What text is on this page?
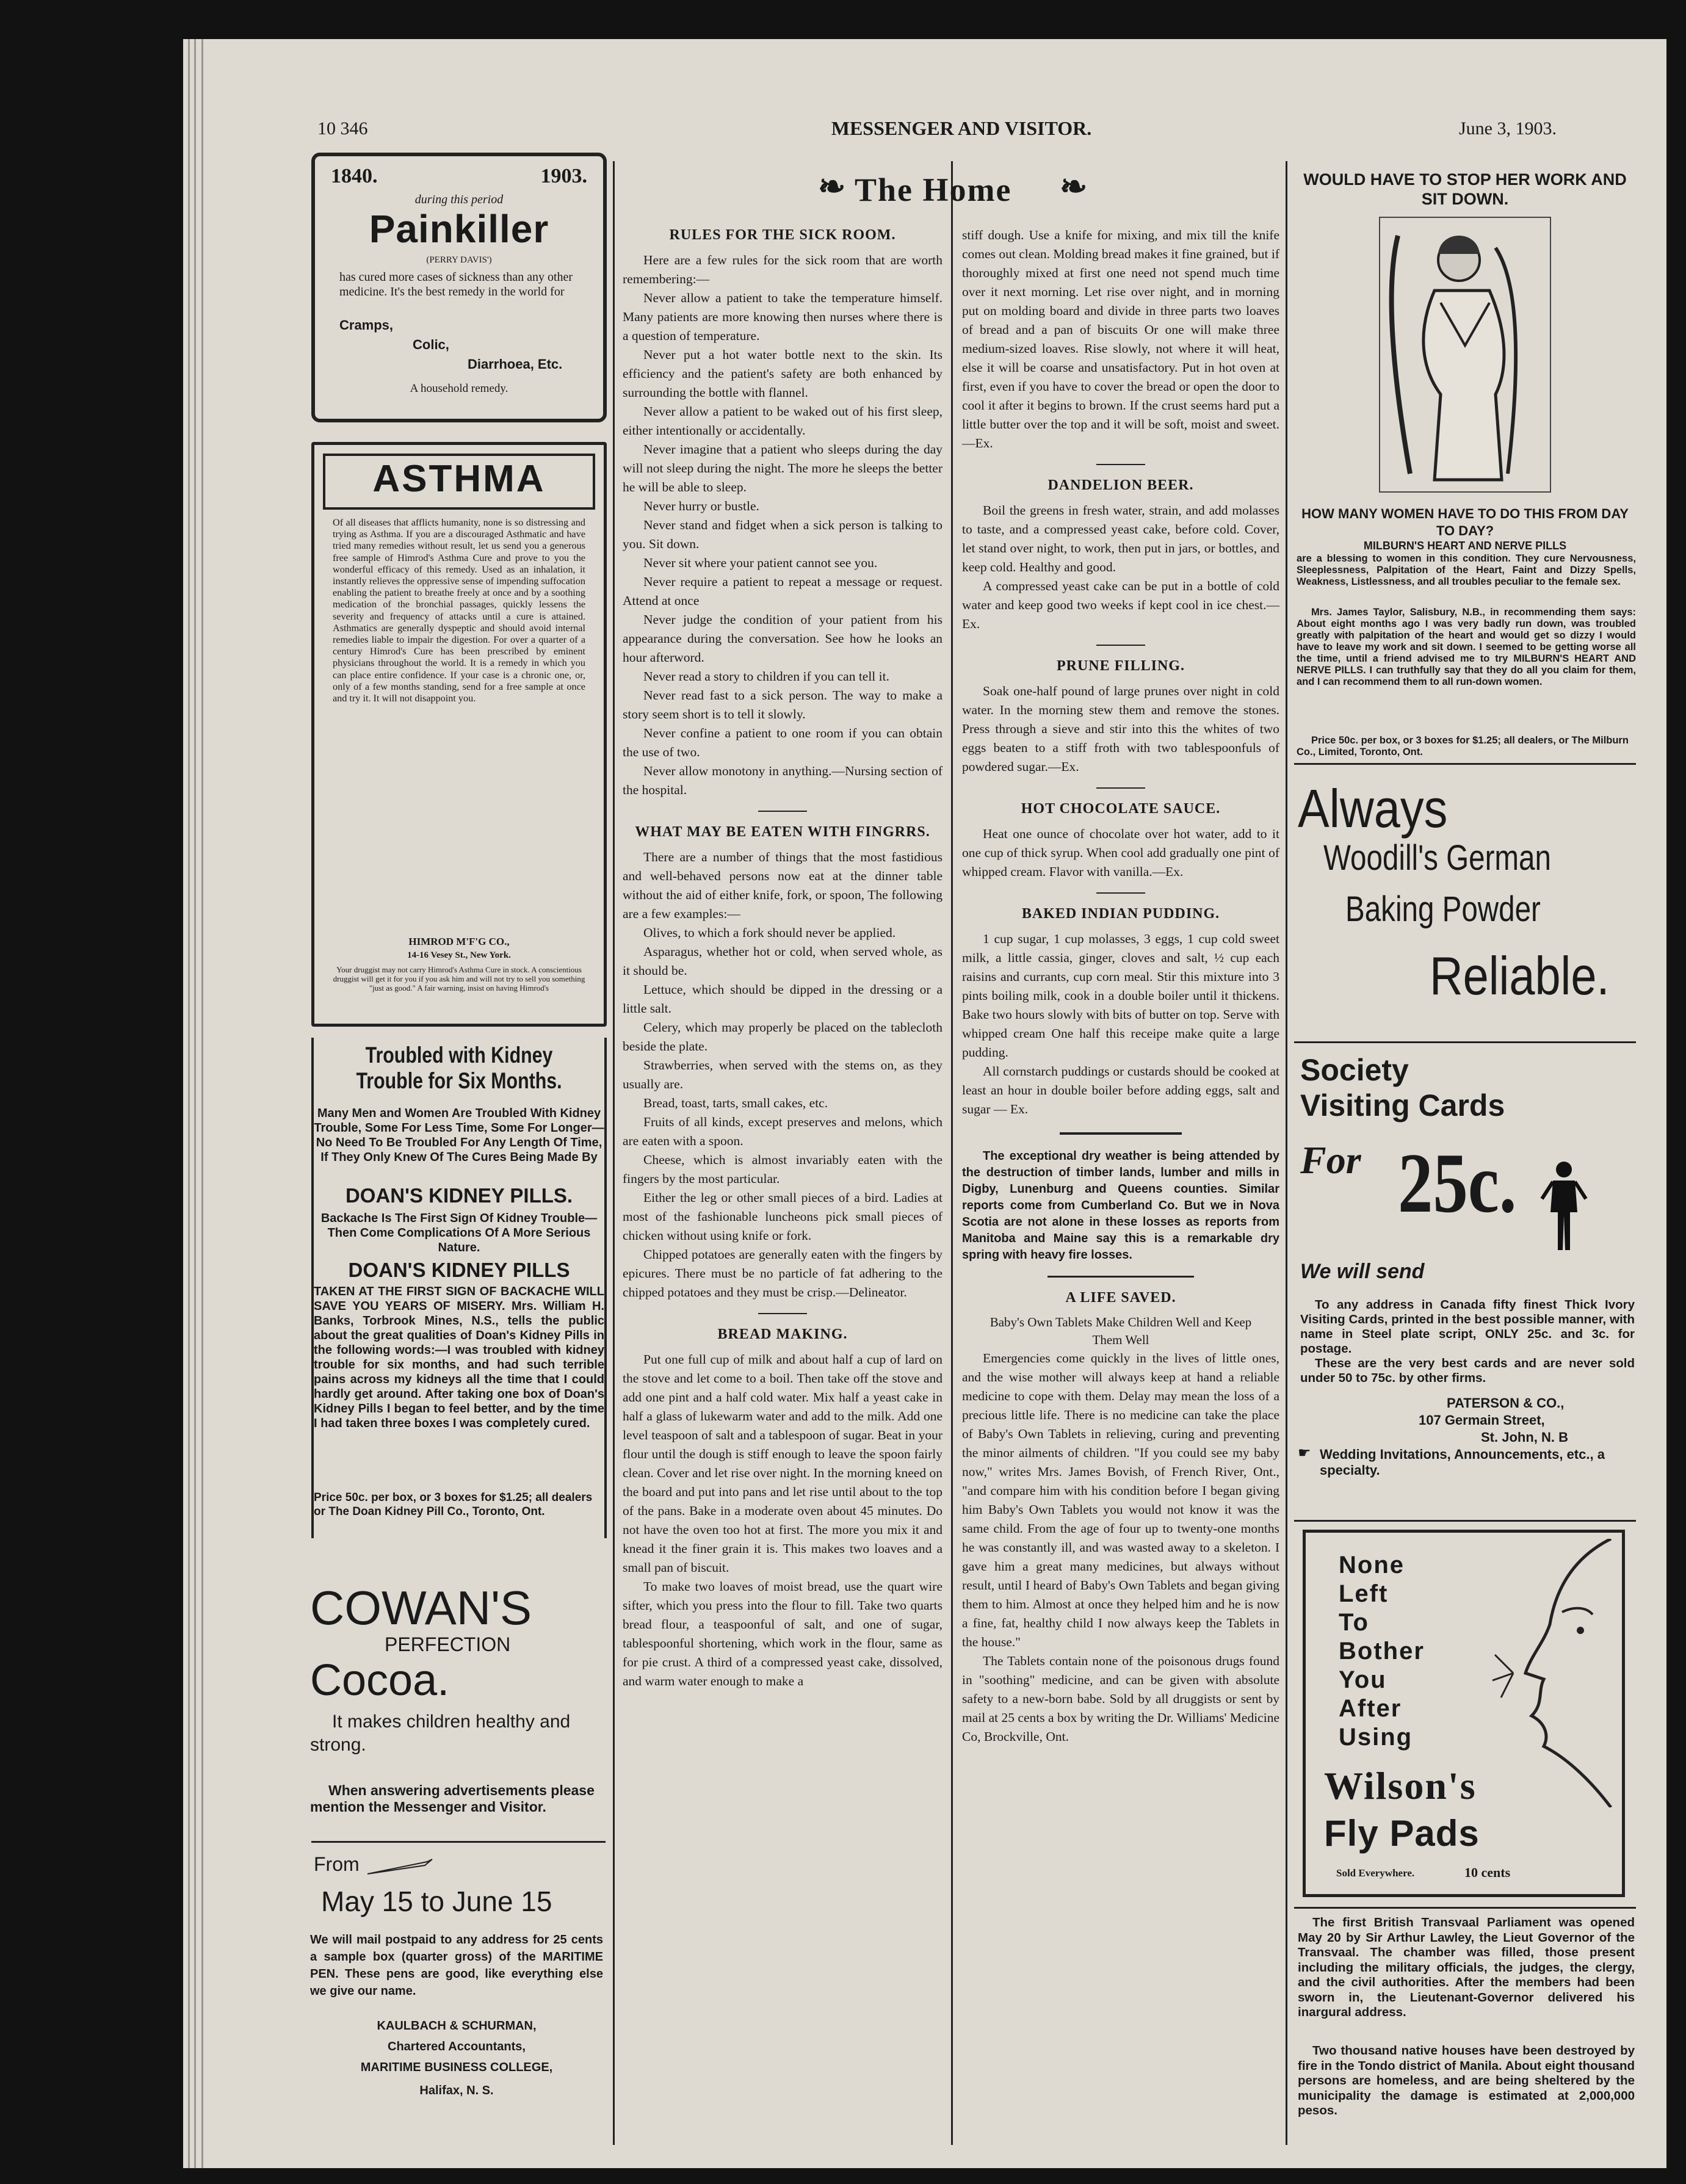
10 346	MESSENGER AND VISITOR.	June 3, 1903.
1840.	1903.
during this period
Painkiller
(PERRY DAVIS')
has cured more cases of sickness than any other medicine. It's the best remedy in the world for
Cramps,
Colic,
Diarrhoea, Etc.
A household remedy.
ASTHMA
Of all diseases that afflicts humanity, none is so distressing and trying as Asthma. If you are a discouraged Asthmatic and have tried many remedies without result, let us send you a generous free sample of Himrod's Asthma Cure and prove to you the wonderful efficacy of this remedy. Used as an inhalation, it instantly relieves the oppressive sense of impending suffocation enabling the patient to breathe freely at once and by a soothing medication of the bronchial passages, quickly lessens the severity and frequency of attacks until a cure is attained. Asthmatics are generally dyspeptic and should avoid internal remedies liable to impair the digestion. For over a quarter of a century Himrod's Cure has been prescribed by eminent physicians throughout the world. It is a remedy in which you can place entire confidence. If your case is a chronic one, or, only of a few months standing, send for a free sample at once and try it. It will not disappoint you.
HIMROD M'F'G CO.,
14-16 Vesey St., New York.
Your druggist may not carry Himrod's Asthma Cure in stock. A conscientious druggist will get it for you if you ask him and will not try to sell you something "just as good." A fair warning, insist on having Himrod's
Troubled with Kidney Trouble for Six Months.
Many Men and Women Are Troubled With Kidney Trouble, Some For Less Time, Some For Longer—No Need To Be Troubled For Any Length Of Time, If They Only Knew Of The Cures Being Made By
DOAN'S KIDNEY PILLS.
Backache Is The First Sign Of Kidney Trouble—Then Come Complications Of A More Serious Nature.
DOAN'S KIDNEY PILLS
TAKEN AT THE FIRST SIGN OF BACKACHE WILL SAVE YOU YEARS OF MISERY. Mrs. William H. Banks, Torbrook Mines, N.S., tells the public about the great qualities of Doan's Kidney Pills in the following words:—I was troubled with kidney trouble for six months, and had such terrible pains across my kidneys all the time that I could hardly get around. After taking one box of Doan's Kidney Pills I began to feel better, and by the time I had taken three boxes I was completely cured.
Price 50c. per box, or 3 boxes for $1.25; all dealers or The Doan Kidney Pill Co., Toronto, Ont.
COWAN'S
PERFECTION
Cocoa.
It makes children healthy and strong.
When answering advertisements please mention the Messenger and Visitor.
From
May 15 to June 15
We will mail postpaid to any address for 25 cents a sample box (quarter gross) of the MARITIME PEN. These pens are good, like everything else we give our name.
KAULBACH & SCHURMAN,
Chartered Accountants,
MARITIME BUSINESS COLLEGE,
Halifax, N. S.
❧ The Home	❧
RULES FOR THE SICK ROOM.

Here are a few rules for the sick room that are worth remembering:—

Never allow a patient to take the temperature himself. Many patients are more knowing then nurses where there is a question of temperature.

Never put a hot water bottle next to the skin. Its efficiency and the patient's safety are both enhanced by surrounding the bottle with flannel.

Never allow a patient to be waked out of his first sleep, either intentionally or accidentally.

Never imagine that a patient who sleeps during the day will not sleep during the night. The more he sleeps the better he will be able to sleep.

Never hurry or bustle.

Never stand and fidget when a sick person is talking to you. Sit down.

Never sit where your patient cannot see you.

Never require a patient to repeat a message or request. Attend at once

Never judge the condition of your patient from his appearance during the conversation. See how he looks an hour afterword.

Never read a story to children if you can tell it.

Never read fast to a sick person. The way to make a story seem short is to tell it slowly.

Never confine a patient to one room if you can obtain the use of two.

Never allow monotony in anything.—Nursing section of the hospital.

WHAT MAY BE EATEN WITH FINGRRS.

There are a number of things that the most fastidious and well-behaved persons now eat at the dinner table without the aid of either knife, fork, or spoon, The following are a few examples:—

Olives, to which a fork should never be applied.

Asparagus, whether hot or cold, when served whole, as it should be.

Lettuce, which should be dipped in the dressing or a little salt.

Celery, which may properly be placed on the tablecloth beside the plate.

Strawberries, when served with the stems on, as they usually are.

Bread, toast, tarts, small cakes, etc.

Fruits of all kinds, except preserves and melons, which are eaten with a spoon.

Cheese, which is almost invariably eaten with the fingers by the most particular.

Either the leg or other small pieces of a bird. Ladies at most of the fashionable luncheons pick small pieces of chicken without using knife or fork.

Chipped potatoes are generally eaten with the fingers by epicures. There must be no particle of fat adhering to the chipped potatoes and they must be crisp.—Delineator.

BREAD MAKING.

Put one full cup of milk and about half a cup of lard on the stove and let come to a boil. Then take off the stove and add one pint and a half cold water. Mix half a yeast cake in half a glass of lukewarm water and add to the milk. Add one level teaspoon of salt and a tablespoon of sugar. Beat in your flour until the dough is stiff enough to leave the spoon fairly clean. Cover and let rise over night. In the morning kneed on the board and put into pans and let rise until about to the top of the pans. Bake in a moderate oven about 45 minutes. Do not have the oven too hot at first. The more you mix it and knead it the finer grain it is. This makes two loaves and a small pan of biscuit.

To make two loaves of moist bread, use the quart wire sifter, which you press into the flour to fill. Take two quarts bread flour, a teaspoonful of salt, and one of sugar, tablespoonful shortening, which work in the flour, same as for pie crust. A third of a compressed yeast cake, dissolved, and warm water enough to make a

stiff dough. Use a knife for mixing, and mix till the knife comes out clean. Molding bread makes it fine grained, but if thoroughly mixed at first one need not spend much time over it next morning. Let rise over night, and in morning put on molding board and divide in three parts two loaves of bread and a pan of biscuits Or one will make three medium-sized loaves. Rise slowly, not where it will heat, else it will be coarse and unsatisfactory. Put in hot oven at first, even if you have to cover the bread or open the door to cool it after it begins to brown. If the crust seems hard put a little butter over the top and it will be soft, moist and sweet.—Ex.

DANDELION BEER.

Boil the greens in fresh water, strain, and add molasses to taste, and a compressed yeast cake, before cold. Cover, let stand over night, to work, then put in jars, or bottles, and keep cold. Healthy and good.

A compressed yeast cake can be put in a bottle of cold water and keep good two weeks if kept cool in ice chest.—Ex.

PRUNE FILLING.

Soak one-half pound of large prunes over night in cold water. In the morning stew them and remove the stones. Press through a sieve and stir into this the whites of two eggs beaten to a stiff froth with two tablespoonfuls of powdered sugar.—Ex.

HOT CHOCOLATE SAUCE.

Heat one ounce of chocolate over hot water, add to it one cup of thick syrup. When cool add gradually one pint of whipped cream. Flavor with vanilla.—Ex.

BAKED INDIAN PUDDING.

1 cup sugar, 1 cup molasses, 3 eggs, 1 cup cold sweet milk, a little cassia, ginger, cloves and salt, ½ cup each raisins and currants, cup corn meal. Stir this mixture into 3 pints boiling milk, cook in a double boiler until it thickens. Bake two hours slowly with bits of butter on top. Serve with whipped cream One half this receipe make quite a large pudding.

All cornstarch puddings or custards should be cooked at least an hour in double boiler before adding eggs, salt and sugar — Ex.

The exceptional dry weather is being attended by the destruction of timber lands, lumber and mills in Digby, Lunenburg and Queens counties. Similar reports come from Cumberland Co. But we in Nova Scotia are not alone in these losses as reports from Manitoba and Maine say this is a remarkable dry spring with heavy fire losses.

A LIFE SAVED.
Baby's Own Tablets Make Children Well and Keep Them Well

Emergencies come quickly in the lives of little ones, and the wise mother will always keep at hand a reliable medicine to cope with them. Delay may mean the loss of a precious little life. There is no medicine can take the place of Baby's Own Tablets in relieving, curing and preventing the minor ailments of children. "If you could see my baby now," writes Mrs. James Bovish, of French River, Ont., "and compare him with his condition before I began giving him Baby's Own Tablets you would not know it was the same child. From the age of four up to twenty-one months he was constantly ill, and was wasted away to a skeleton. I gave him a great many medicines, but always without result, until I heard of Baby's Own Tablets and began giving them to him. Almost at once they helped him and he is now a fine, fat, healthy child I now always keep the Tablets in the house."

The Tablets contain none of the poisonous drugs found in "soothing" medicine, and can be given with absolute safety to a new-born babe. Sold by all druggists or sent by mail at 25 cents a box by writing the Dr. Williams' Medicine Co, Brockville, Ont.

WOULD HAVE TO STOP HER WORK AND SIT DOWN.
HOW MANY WOMEN HAVE TO DO THIS FROM DAY TO DAY?
MILBURN'S HEART AND NERVE PILLS
are a blessing to women in this condition. They cure Nervousness, Sleeplessness, Palpitation of the Heart, Faint and Dizzy Spells, Weakness, Listlessness, and all troubles peculiar to the female sex.
Mrs. James Taylor, Salisbury, N.B., in recommending them says: About eight months ago I was very badly run down, was troubled greatly with palpitation of the heart and would get so dizzy I would have to leave my work and sit down. I seemed to be getting worse all the time, until a friend advised me to try MILBURN'S HEART AND NERVE PILLS. I can truthfully say that they do all you claim for them, and I can recommend them to all run-down women.
Price 50c. per box, or 3 boxes for $1.25; all dealers, or The Milburn Co., Limited, Toronto, Ont.
Always
Woodill's German
Baking Powder
Reliable.
Society
Visiting Cards
For 25c.
We will send
To any address in Canada fifty finest Thick Ivory Visiting Cards, printed in the best possible manner, with name in Steel plate script, ONLY 25c. and 3c. for postage.
These are the very best cards and are never sold under 50 to 75c. by other firms.
PATERSON & CO.,
107 Germain Street,
St. John, N. B
☛ Wedding Invitations, Announcements, etc., a specialty.
None
Left
To
Bother
You
After
Using
Wilson's
Fly Pads
Sold Everywhere.	10 cents
The first British Transvaal Parliament was opened May 20 by Sir Arthur Lawley, the Lieut Governor of the Transvaal. The chamber was filled, those present including the military officials, the judges, the clergy, and the civil authorities. After the members had been sworn in, the Lieutenant-Governor delivered his inargural address.
Two thousand native houses have been destroyed by fire in the Tondo district of Manila. About eight thousand persons are homeless, and are being sheltered by the municipality the damage is estimated at 2,000,000 pesos.
